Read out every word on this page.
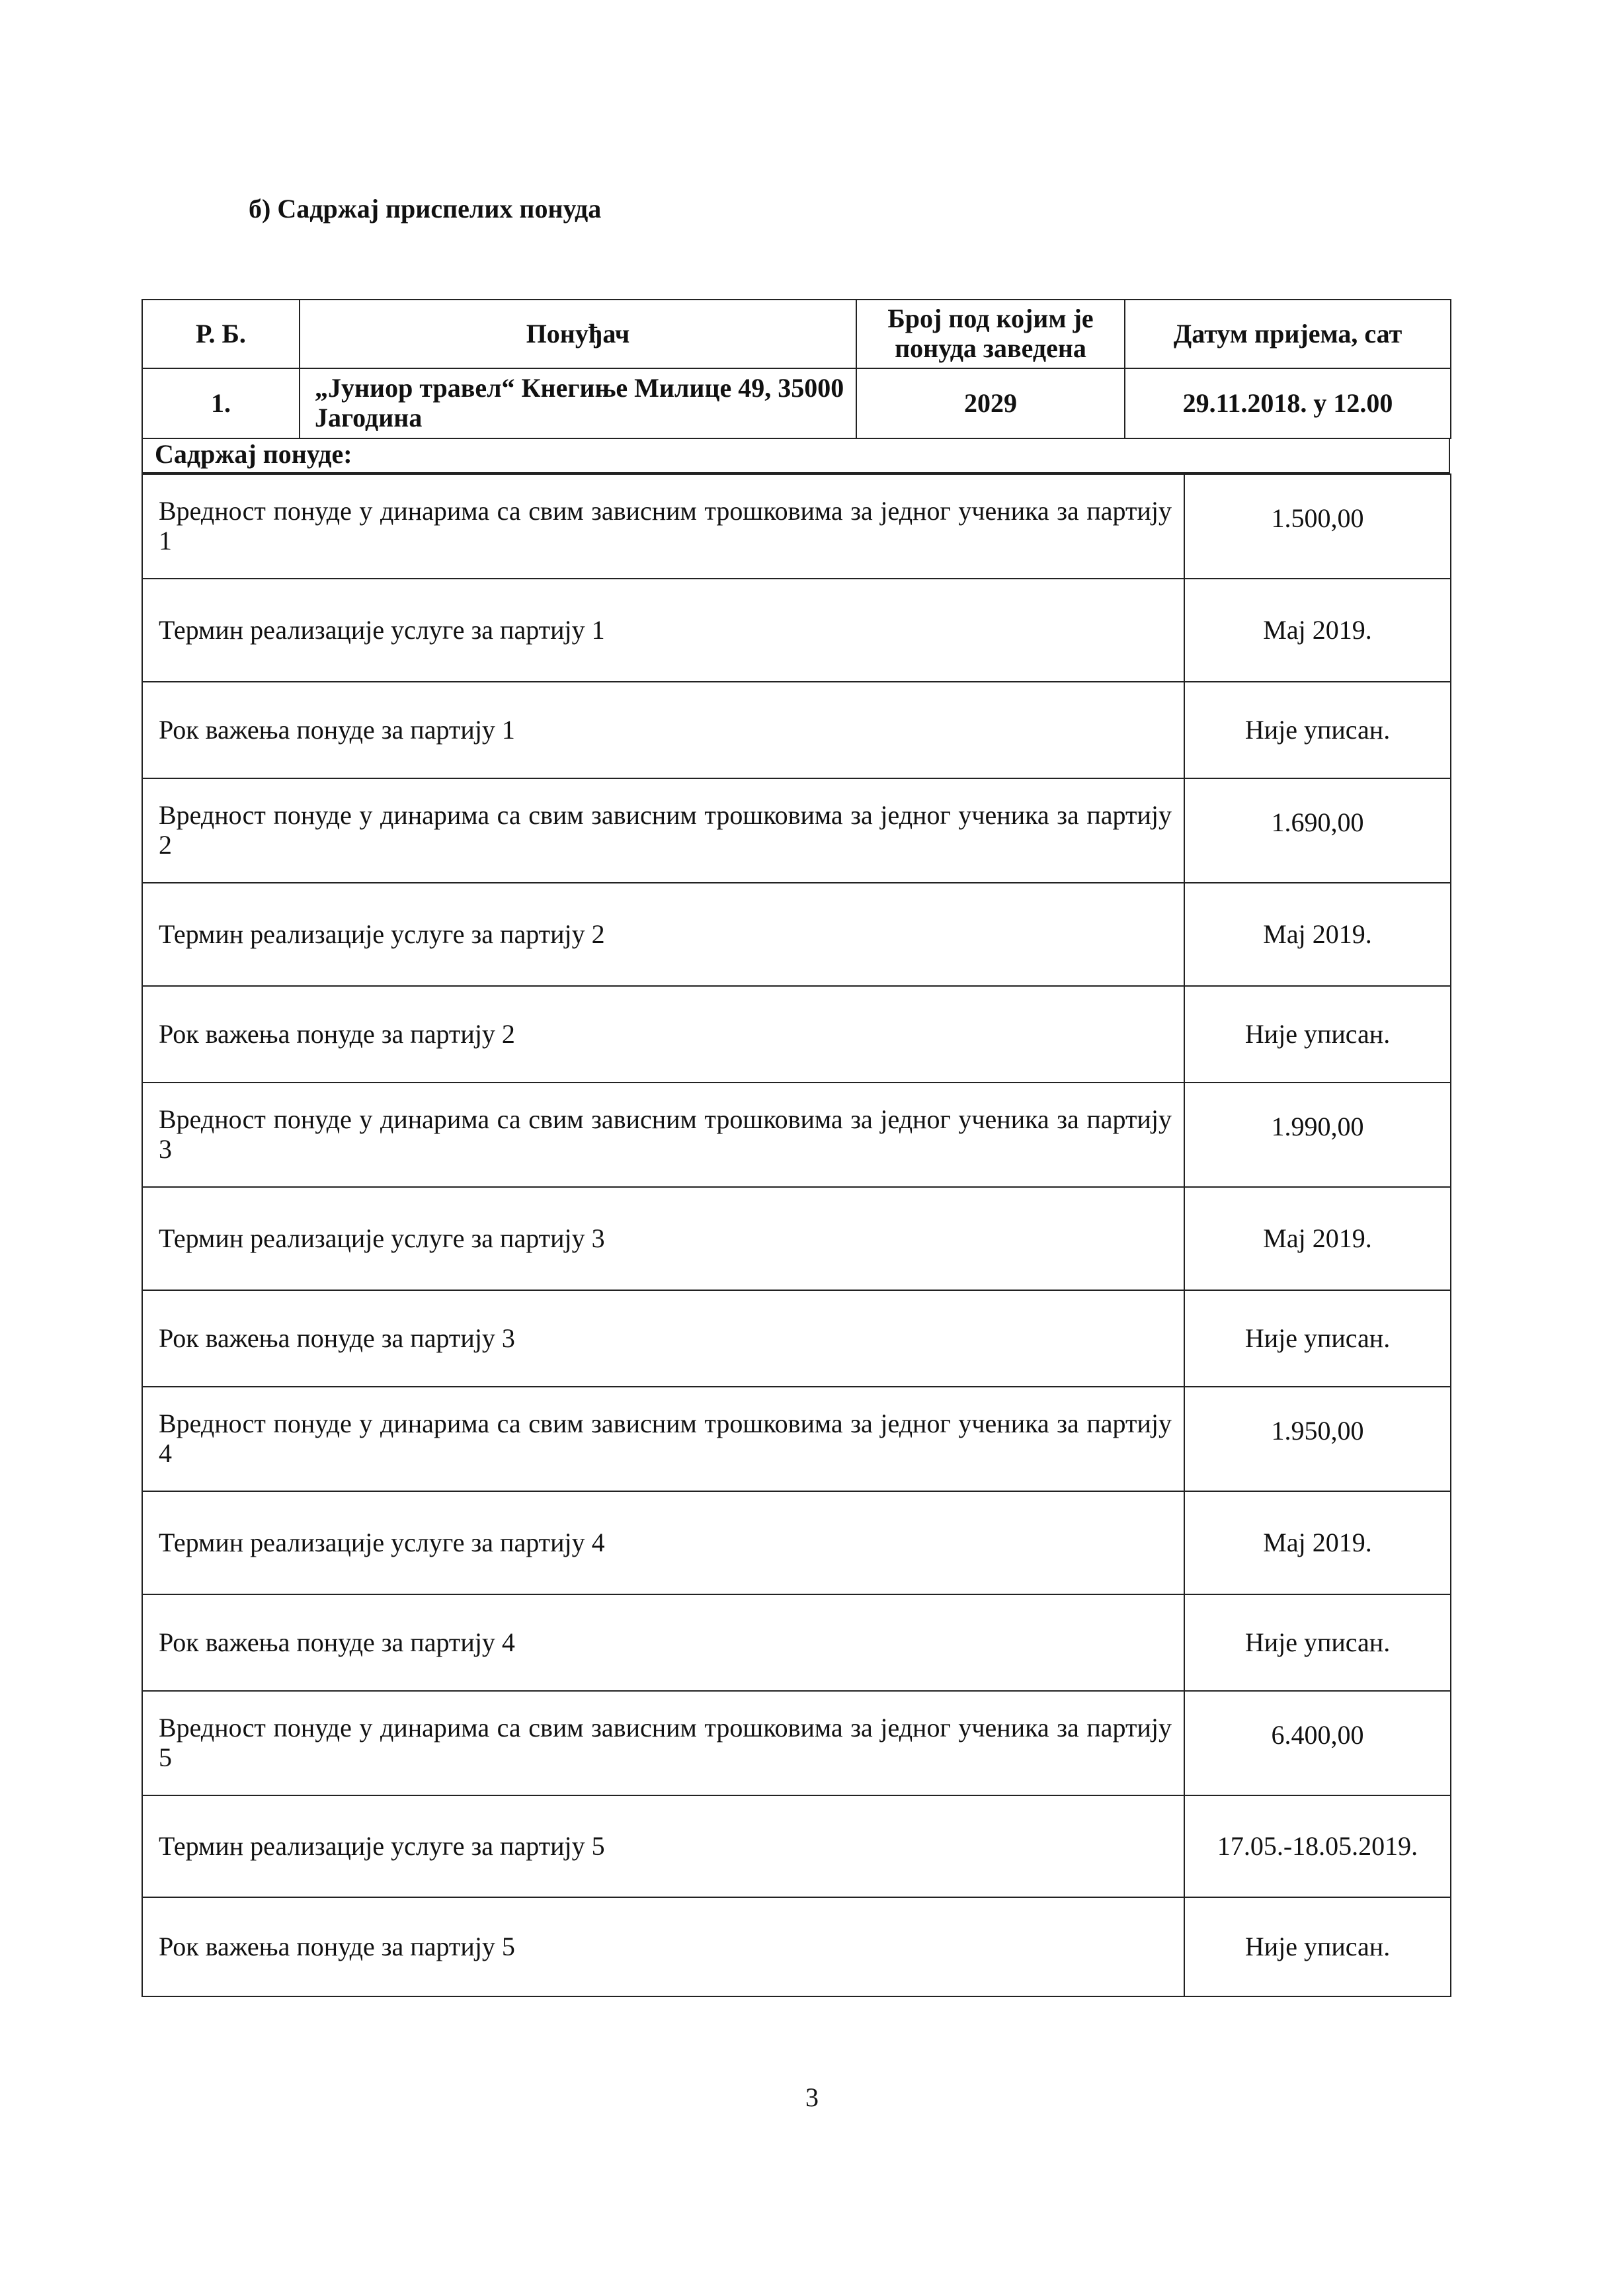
б) Садржај приспелих понуда
Р. Б.	Понуђач	Број под којим је понуда заведена	Датум пријема, сат
1.	„Јуниор травел“ Кнегиње Милице 49, 35000 Јагодина	2029	29.11.2018. у 12.00
Садржај понуде:
Вредност понуде у динарима са свим зависним трошковима за једног ученика за партију 1	1.500,00
Термин реализације услуге за партију 1	Мај 2019.
Рок важења понуде за партију 1	Није уписан.
Вредност понуде у динарима са свим зависним трошковима за једног ученика за партију 2	1.690,00
Термин реализације услуге за партију 2	Мај 2019.
Рок важења понуде за партију 2	Није уписан.
Вредност понуде у динарима са свим зависним трошковима за једног ученика за партију 3	1.990,00
Термин реализације услуге за партију 3	Мај 2019.
Рок важења понуде за партију 3	Није уписан.
Вредност понуде у динарима са свим зависним трошковима за једног ученика за партију 4	1.950,00
Термин реализације услуге за партију 4	Мај 2019.
Рок важења понуде за партију 4	Није уписан.
Вредност понуде у динарима са свим зависним трошковима за једног ученика за партију 5	6.400,00
Термин реализације услуге за партију 5	17.05.-18.05.2019.
Рок важења понуде за партију 5	Није уписан.
3
